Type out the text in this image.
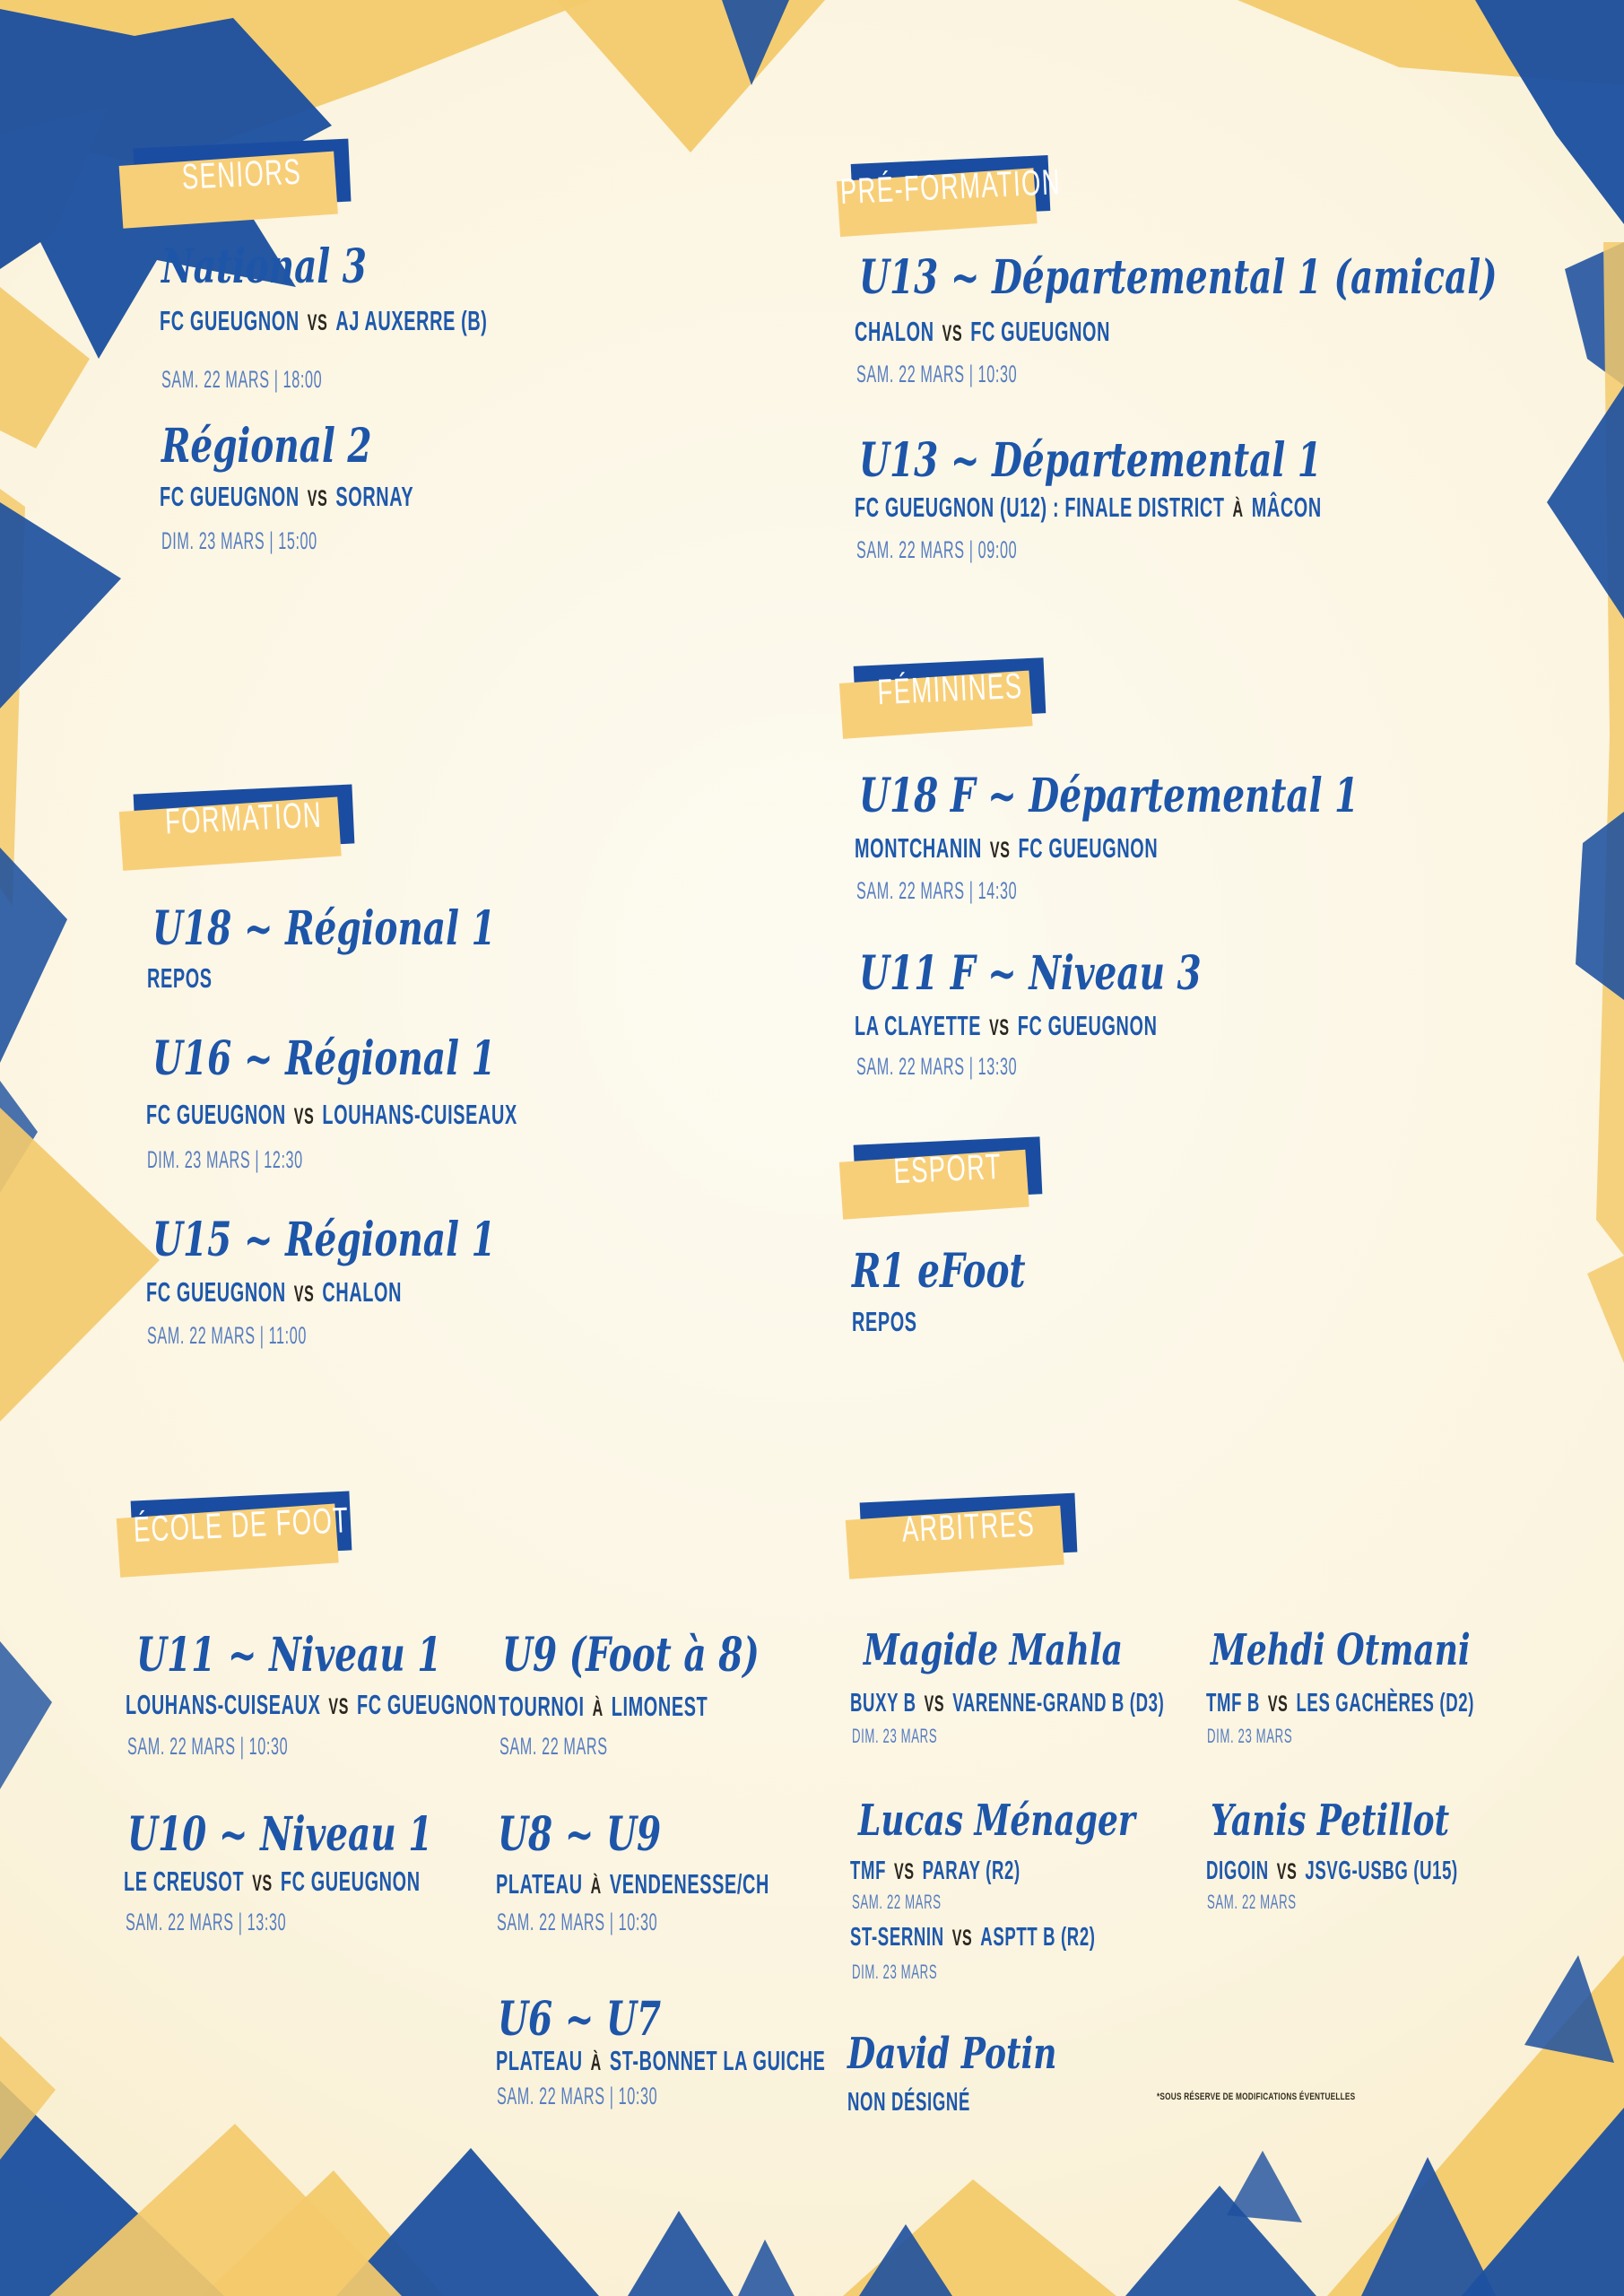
SENIORS
National 3
FC GUEUGNON VS AJ AUXERRE (B)
SAM. 22 MARS | 18:00
Régional 2
FC GUEUGNON VS SORNAY
DIM. 23 MARS | 15:00
PRÉ-FORMATION
U13 ~ Départemental 1 (amical)
CHALON VS FC GUEUGNON
SAM. 22 MARS | 10:30
U13 ~ Départemental 1
FC GUEUGNON (U12) : FINALE DISTRICT À MÂCON
SAM. 22 MARS | 09:00
FÉMININES
U18 F ~ Départemental 1
MONTCHANIN VS FC GUEUGNON
SAM. 22 MARS | 14:30
U11 F ~ Niveau 3
LA CLAYETTE VS FC GUEUGNON
SAM. 22 MARS | 13:30
ESPORT
R1 eFoot
REPOS
FORMATION
U18 ~ Régional 1
REPOS
U16 ~ Régional 1
FC GUEUGNON VS LOUHANS-CUISEAUX
DIM. 23 MARS | 12:30
U15 ~ Régional 1
FC GUEUGNON VS CHALON
SAM. 22 MARS | 11:00
ÉCOLE DE FOOT
U11 ~ Niveau 1
LOUHANS-CUISEAUX VS FC GUEUGNON
SAM. 22 MARS | 10:30
U10 ~ Niveau 1
LE CREUSOT VS FC GUEUGNON
SAM. 22 MARS | 13:30
U9 (Foot à 8)
TOURNOI À LIMONEST
SAM. 22 MARS
U8 ~ U9
PLATEAU À VENDENESSE/CH
SAM. 22 MARS | 10:30
U6 ~ U7
PLATEAU À ST-BONNET LA GUICHE
SAM. 22 MARS | 10:30
ARBITRES
Magide Mahla
BUXY B VS VARENNE-GRAND B (D3)
DIM. 23 MARS
Lucas Ménager
TMF VS PARAY (R2)
SAM. 22 MARS
ST-SERNIN VS ASPTT B (R2)
DIM. 23 MARS
David Potin
NON DÉSIGNÉ
Mehdi Otmani
TMF B VS LES GACHÈRES (D2)
DIM. 23 MARS
Yanis Petillot
DIGOIN VS JSVG-USBG (U15)
SAM. 22 MARS
*SOUS RÉSERVE DE MODIFICATIONS ÉVENTUELLES
